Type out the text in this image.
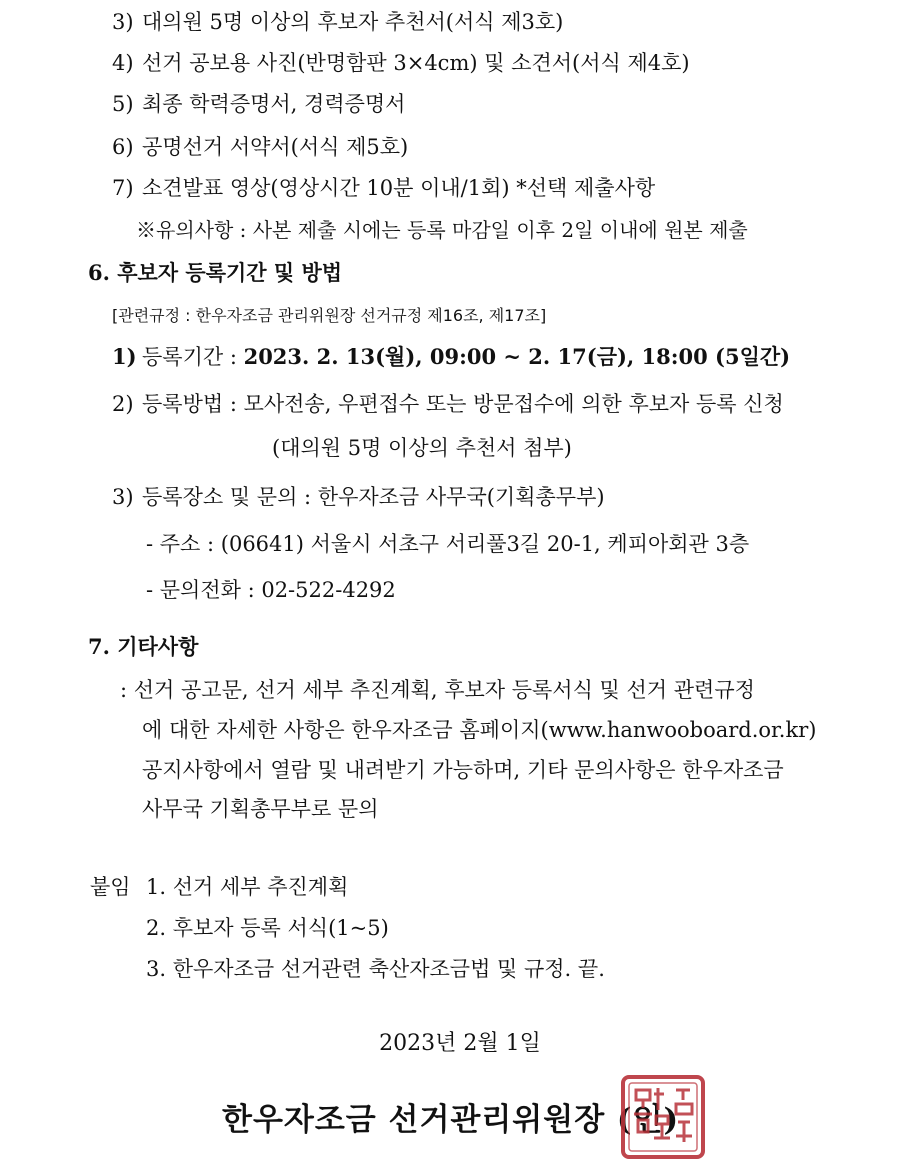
3) 대의원 5명 이상의 후보자 추천서(서식 제3호)
4) 선거 공보용 사진(반명함판 3×4cm) 및 소견서(서식 제4호)
5) 최종 학력증명서, 경력증명서
6) 공명선거 서약서(서식 제5호)
7) 소견발표 영상(영상시간 10분 이내/1회) *선택 제출사항
※유의사항 : 사본 제출 시에는 등록 마감일 이후 2일 이내에 원본 제출
6. 후보자 등록기간 및 방법
[관련규정 : 한우자조금 관리위원장 선거규정 제16조, 제17조]
1) 등록기간 : 2023. 2. 13(월), 09:00 ~ 2. 17(금), 18:00 (5일간)
2) 등록방법 : 모사전송, 우편접수 또는 방문접수에 의한 후보자 등록 신청
(대의원 5명 이상의 추천서 첨부)
3) 등록장소 및 문의 : 한우자조금 사무국(기획총무부)
- 주소 : (06641) 서울시 서초구 서리풀3길 20-1, 케피아회관 3층
- 문의전화 : 02-522-4292
7. 기타사항
: 선거 공고문, 선거 세부 추진계획, 후보자 등록서식 및 선거 관련규정
에 대한 자세한 사항은 한우자조금 홈페이지(www.hanwooboard.or.kr)
공지사항에서 열람 및 내려받기 가능하며, 기타 문의사항은 한우자조금
사무국 기획총무부로 문의
붙임 1. 선거 세부 추진계획
2. 후보자 등록 서식(1~5)
3. 한우자조금 선거관련 축산자조금법 및 규정. 끝.
2023년 2월 1일
한우자조금 선거관리위원장 (인)
